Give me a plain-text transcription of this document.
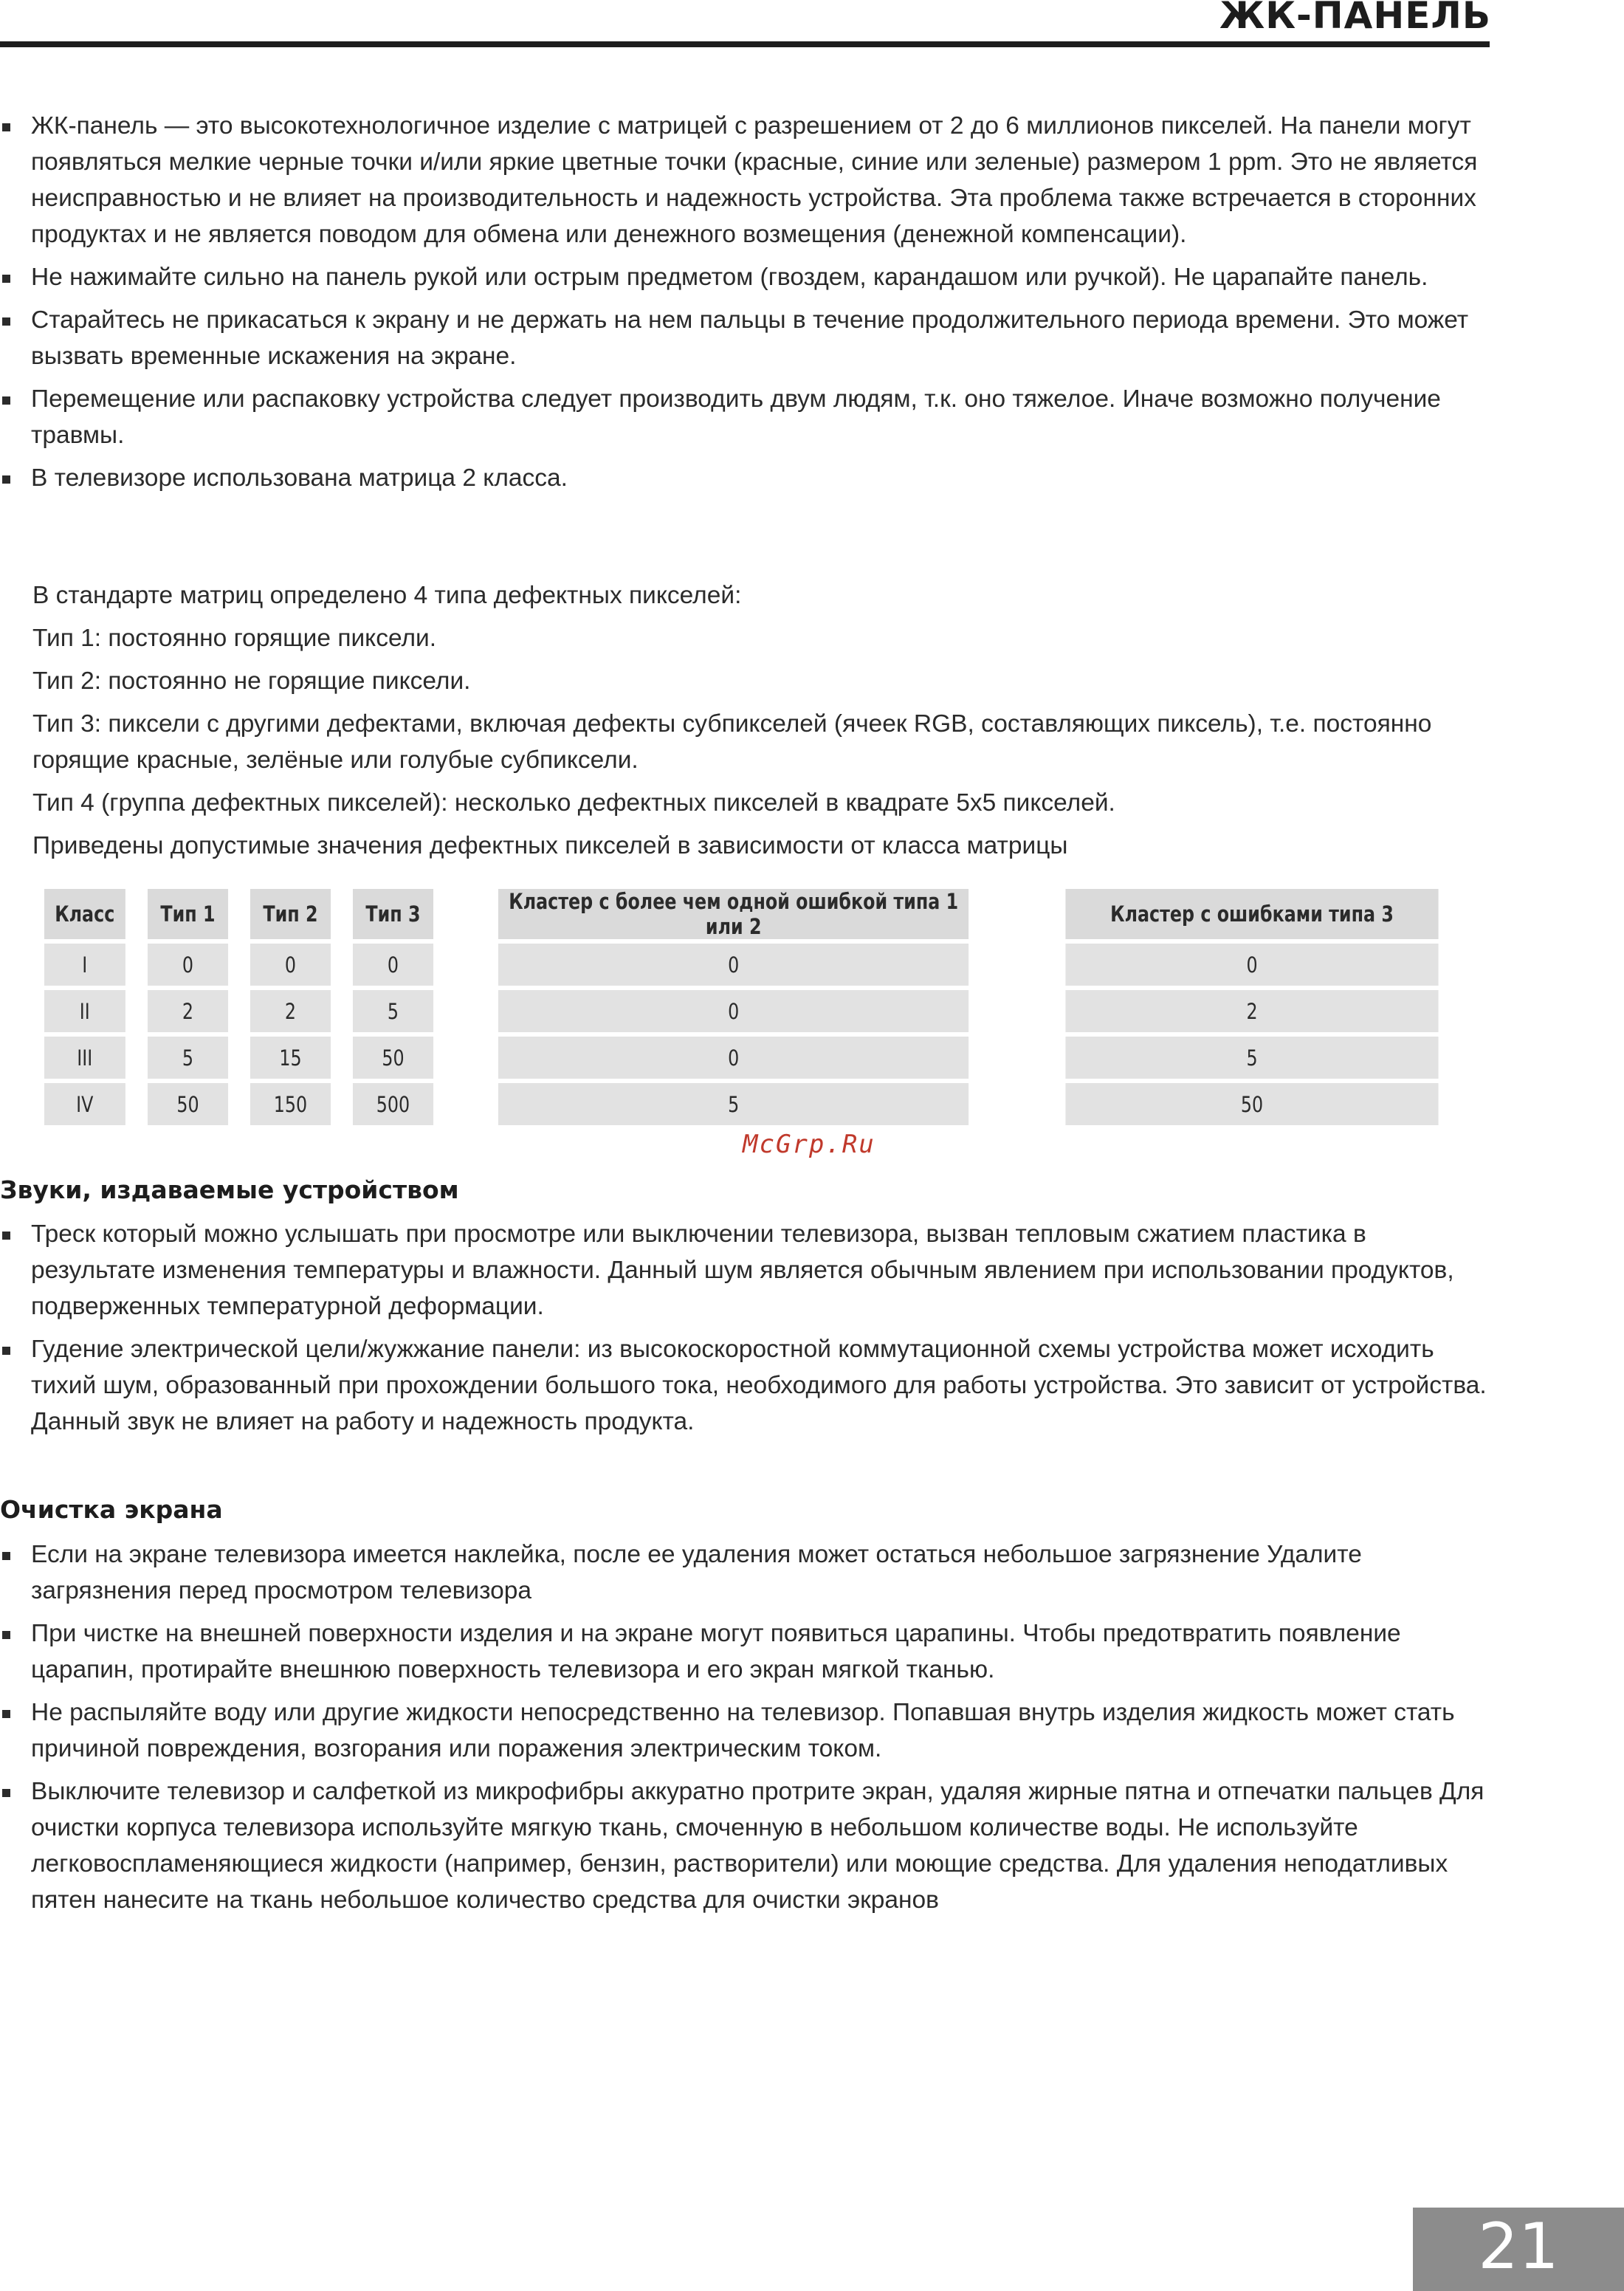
ЖК-ПАНЕЛЬ
ЖК-панель — это высокотехнологичное изделие с матрицей с разрешением от 2 до 6 миллионов пикселей. На панели могут появляться мелкие черные точки и/или яркие цветные точки (красные, синие или зеленые) размером 1 ppm. Это не является неисправностью и не влияет на производительность и надежность устройства. Эта проблема также встречается в сторонних продуктах и не является поводом для обмена или денежного возмещения (денежной компенсации).
Не нажимайте сильно на панель рукой или острым предметом (гвоздем, карандашом или ручкой). Не царапайте панель.
Старайтесь не прикасаться к экрану и не держать на нем пальцы в течение продолжительного периода времени. Это может вызвать временные искажения на экране.
Перемещение или распаковку устройства следует производить двум людям, т.к. оно тяжелое. Иначе возможно получение травмы.
В телевизоре использована матрица 2 класса.

В стандарте матриц определено 4 типа дефектных пикселей:

Тип 1: постоянно горящие пиксели.

Тип 2: постоянно не горящие пиксели.

Тип 3: пиксели с другими дефектами, включая дефекты субпикселей (ячеек RGB, составляющих пиксель), т.е. постоянно горящие красные, зелёные или голубые субпиксели.

Тип 4 (группа дефектных пикселей): несколько дефектных пикселей в квадрате 5х5 пикселей.

Приведены допустимые значения дефектных пикселей в зависимости от класса матрицы

Класс	Тип 1	Тип 2	Тип 3	Кластер с более чем одной ошибкой типа 1 или 2	Кластер с ошибками типа 3
I	0	0	0	0	0
II	2	2	5	0	2
III	5	15	50	0	5
IV	50	150	500	5	50
McGrp.Ru
Звуки, издаваемые устройством
Треск который можно услышать при просмотре или выключении телевизора, вызван тепловым сжатием пластика в результате изменения температуры и влажности. Данный шум является обычным явлением при использовании продуктов, подверженных температурной деформации.
Гудение электрической цели/жужжание панели: из высокоскоростной коммутационной схемы устройства может исходить тихий шум, образованный при прохождении большого тока, необходимого для работы устройства. Это зависит от устройства. Данный звук не влияет на работу и надежность продукта.
Очистка экрана
Если на экране телевизора имеется наклейка, после ее удаления может остаться небольшое загрязнение Удалите загрязнения перед просмотром телевизора
При чистке на внешней поверхности изделия и на экране могут появиться царапины. Чтобы предотвратить появление царапин, протирайте внешнюю поверхность телевизора и его экран мягкой тканью.
Не распыляйте воду или другие жидкости непосредственно на телевизор. Попавшая внутрь изделия жидкость может стать причиной повреждения, возгорания или поражения электрическим током.
Выключите телевизор и салфеткой из микрофибры аккуратно протрите экран, удаляя жирные пятна и отпечатки пальцев Для очистки корпуса телевизора используйте мягкую ткань, смоченную в небольшом количестве воды. Не используйте легковоспламеняющиеся жидкости (например, бензин, растворители) или моющие средства. Для удаления неподатливых пятен нанесите на ткань небольшое количество средства для очистки экранов
21
